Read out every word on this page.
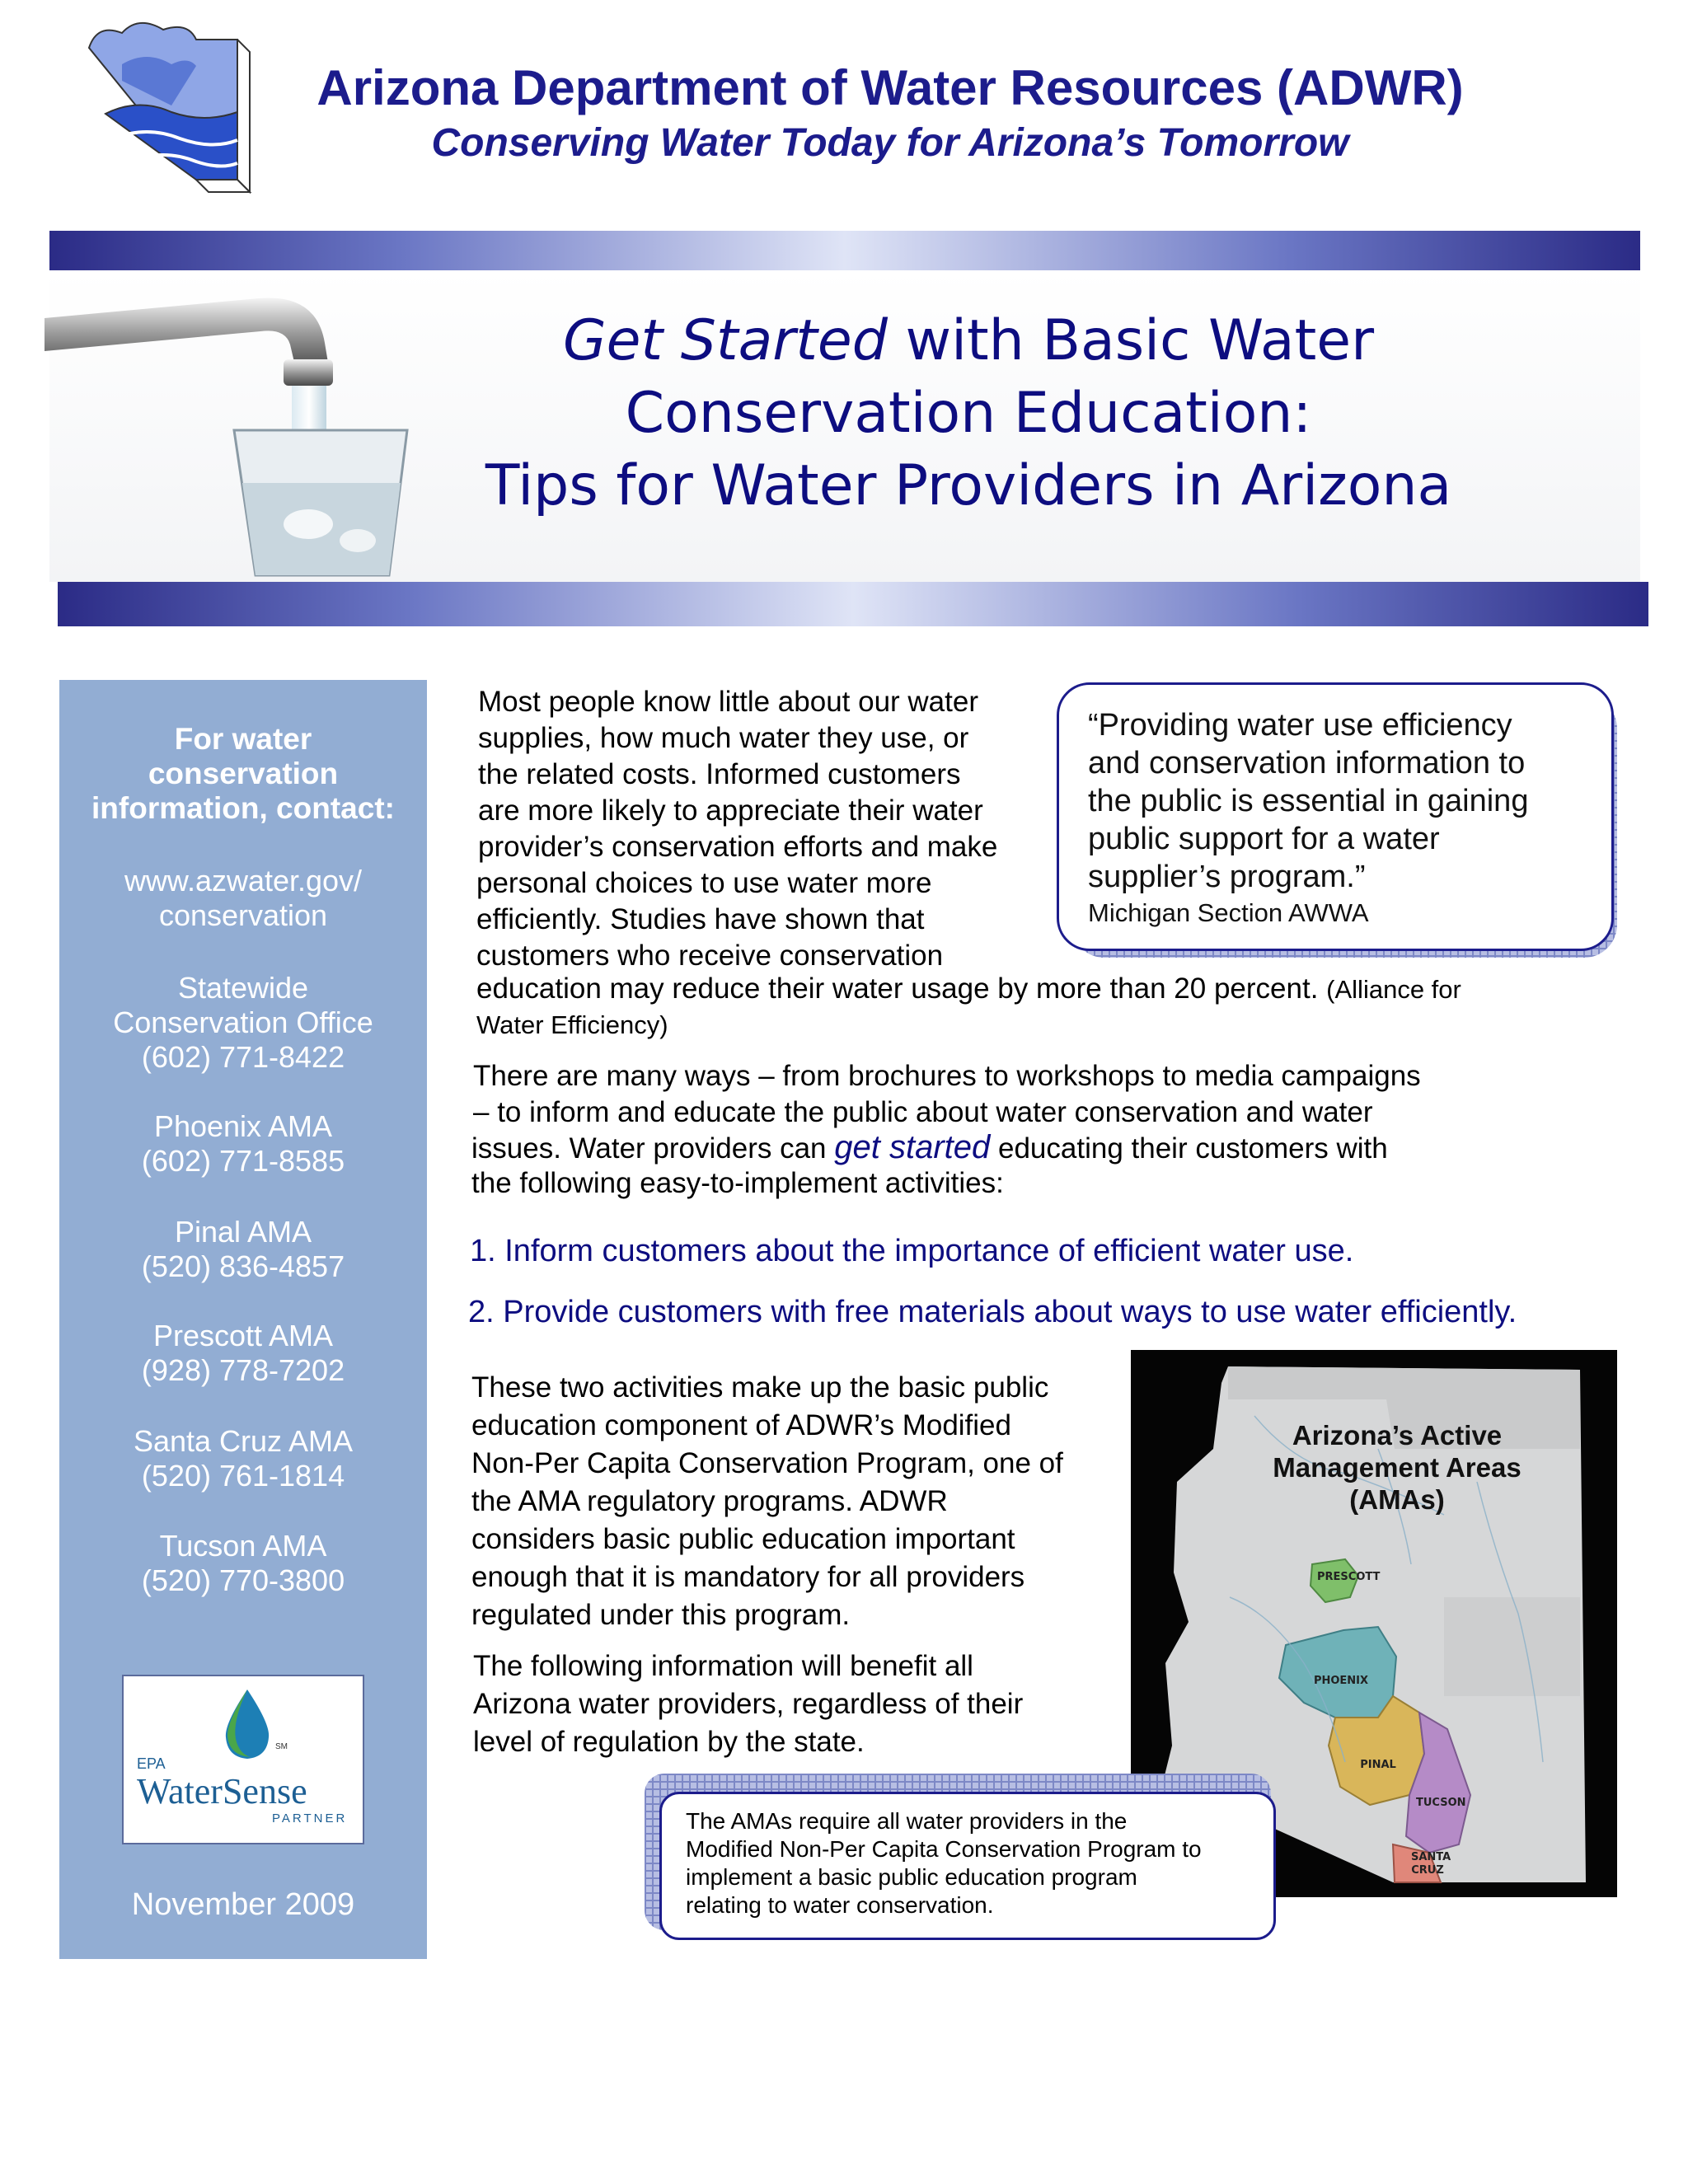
Arizona Department of Water Resources (ADWR)
Conserving Water Today for Arizona’s Tomorrow
Get Started with Basic Water
Conservation Education:
Tips for Water Providers in Arizona
For water
conservation
information, contact:
www.azwater.gov/
conservation
Statewide
Conservation Office
(602) 771-8422
Phoenix AMA
(602) 771-8585
Pinal AMA
(520) 836-4857
Prescott AMA
(928) 778-7202
Santa Cruz AMA
(520) 761-1814
Tucson AMA
(520) 770-3800
EPA
SM
WaterSense
PARTNER
November 2009
Most people know little about our water
supplies, how much water they use, or
the related costs. Informed customers
are more likely to appreciate their water
provider’s conservation efforts and make
personal choices to use water more
efficiently. Studies have shown that
customers who receive conservation
education may reduce their water usage by more than 20 percent. (Alliance for
Water Efficiency)
“Providing water use efficiency
and conservation information to
the public is essential in gaining
public support for a water
supplier’s program.”
Michigan Section AWWA
There are many ways – from brochures to workshops to media campaigns
– to inform and educate the public about water conservation and water
issues. Water providers can get started educating their customers with
the following easy-to-implement activities:
1. Inform customers about the importance of efficient water use.
2. Provide customers with free materials about ways to use water efficiently.
These two activities make up the basic public
education component of ADWR’s Modified
Non-Per Capita Conservation Program, one of
the AMA regulatory programs. ADWR
considers basic public education important
enough that it is mandatory for all providers
regulated under this program.
The following information will benefit all
Arizona water providers, regardless of their
level of regulation by the state.
PRESCOTT
PHOENIX
PINAL
TUCSON
SANTA
CRUZ
Arizona’s Active
Management Areas
(AMAs)
The AMAs require all water providers in the
Modified Non-Per Capita Conservation Program to
implement a basic public education program
relating to water conservation.
